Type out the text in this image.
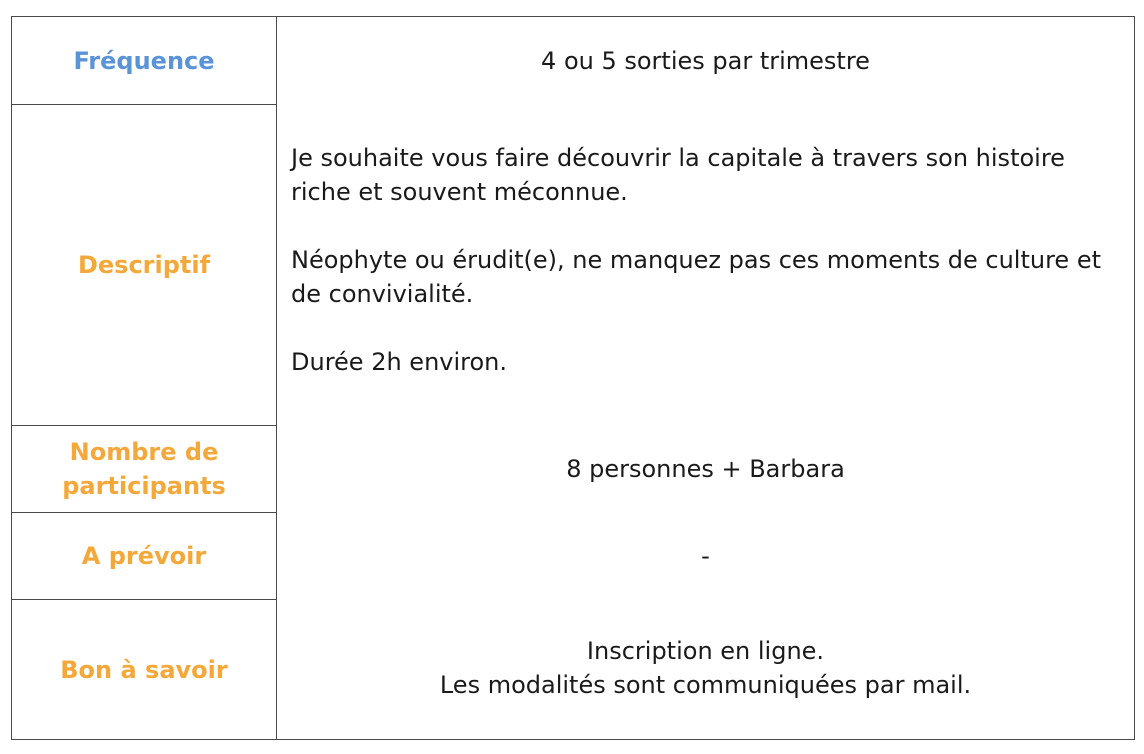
Fréquence	4 ou 5 sorties par trimestre
Descriptif

Je souhaite vous faire découvrir la capitale à travers son histoire riche et souvent méconnue.

Néophyte ou érudit(e), ne manquez pas ces moments de culture et de convivialité.

Durée 2h environ.

Nombre de
participants
8 personnes + Barbara
A prévoir	-
Bon à savoir
Inscription en ligne.
Les modalités sont communiquées par mail.
